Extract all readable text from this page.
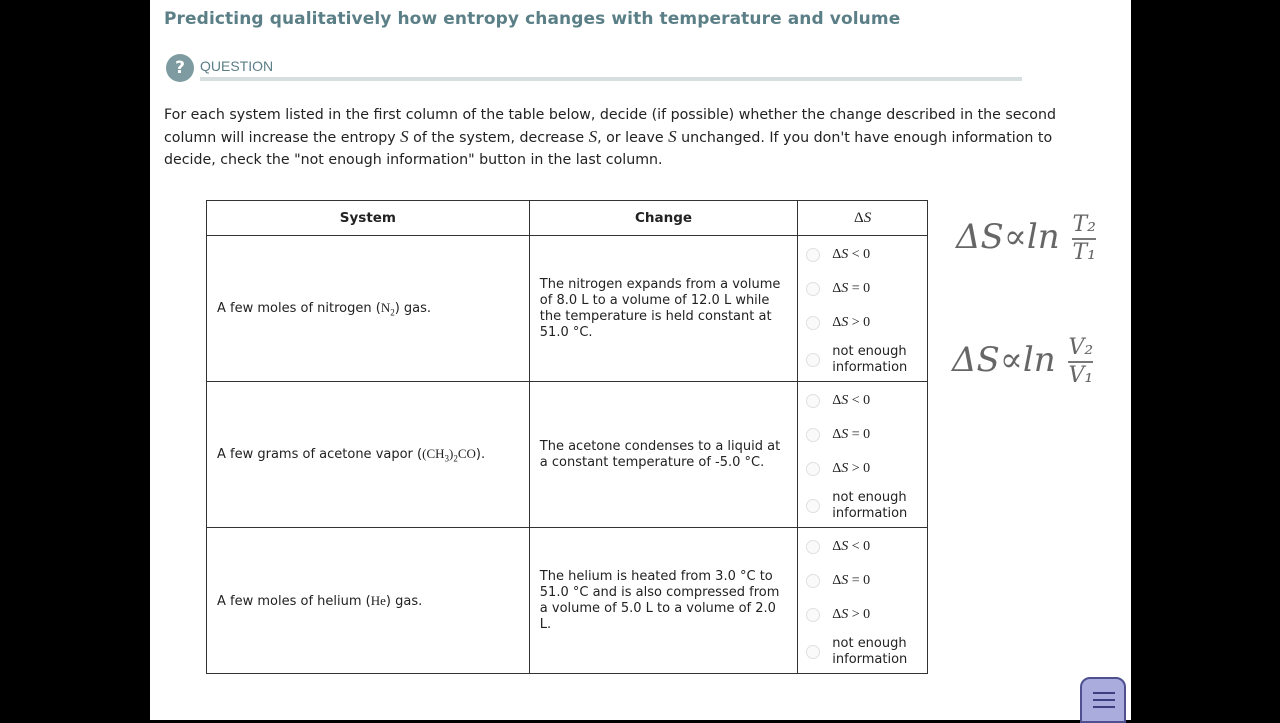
Predicting qualitatively how entropy changes with temperature and volume
?	QUESTION
For each system listed in the first column of the table below, decide (if possible) whether the change described in the second column will increase the entropy S of the system, decrease S, or leave S unchanged. If you don't have enough information to decide, check the "not enough information" button in the last column.
System	Change	ΔS
A few moles of nitrogen $(N_2)$ gas.	The nitrogen expands from a volume of 8.0 L to a volume of 12.0 L while the temperature is held constant at 51.0 °C.	ΔS < 0
ΔS = 0
ΔS > 0
not enough
information

A few grams of acetone vapor $((CH_3)_2CO)$.	The acetone condenses to a liquid at a constant temperature of -5.0 °C.	ΔS < 0
ΔS = 0
ΔS > 0
not enough
information

A few moles of helium (He) gas.	The helium is heated from 3.0 °C to 51.0 °C and is also compressed from a volume of 5.0 L to a volume of 2.0 L.	ΔS < 0
ΔS = 0
ΔS > 0
not enough
information
$\Delta S\propto\ln \frac{\text{T₂}}{\text{T₁}}$
$\Delta S\propto\ln \frac{\text{V₂}}{\text{V₁}}$
